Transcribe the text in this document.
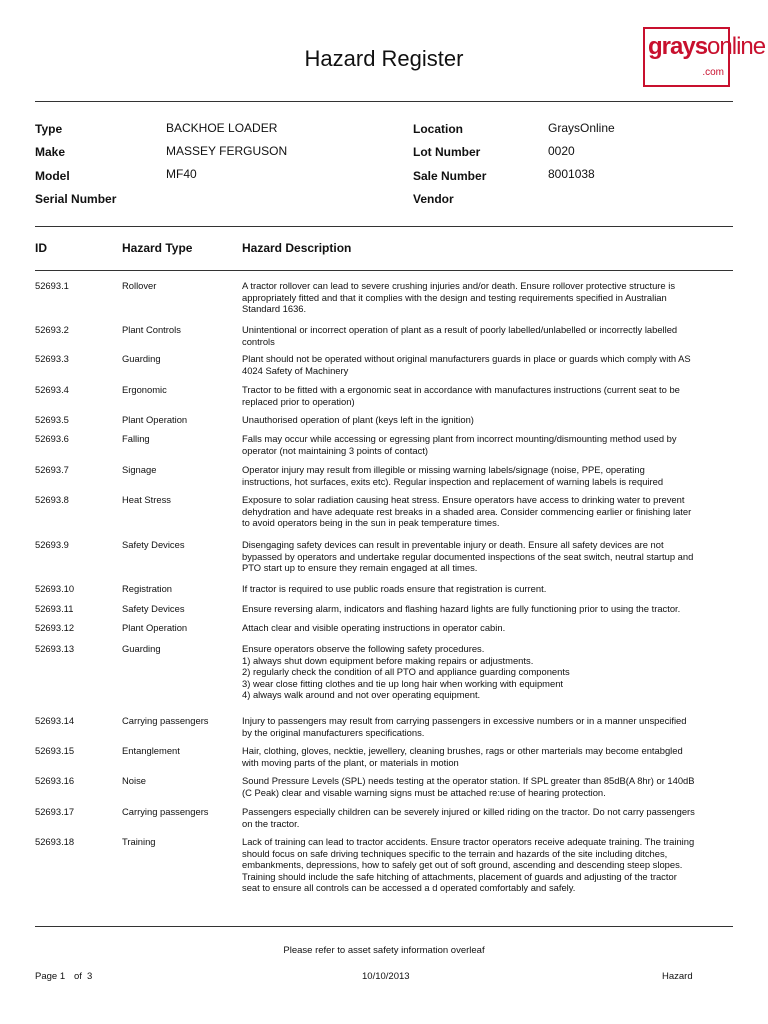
Hazard Register	graysonline
.com
Type	BACKHOE LOADER
Make	MASSEY FERGUSON
Model	MF40
Serial Number
Location	GraysOnline
Lot Number	0020
Sale Number	8001038
Vendor
ID	Hazard Type	Hazard Description
52693.1	Rollover	A tractor rollover can lead to severe crushing injuries and/or death. Ensure rollover protective structure is
appropriately fitted and that it complies with the design and testing requirements specified in Australian
Standard 1636.
52693.2	Plant Controls	Unintentional or incorrect operation of plant as a result of poorly labelled/unlabelled or incorrectly labelled
controls
52693.3	Guarding	Plant should not be operated without original manufacturers guards in place or guards which comply with AS
4024 Safety of Machinery
52693.4	Ergonomic	Tractor to be fitted with a ergonomic seat in accordance with manufactures instructions (current seat to be
replaced prior to operation)
52693.5	Plant Operation	Unauthorised operation of plant (keys left in the ignition)
52693.6	Falling	Falls may occur while accessing or egressing plant from incorrect mounting/dismounting method used by
operator (not maintaining 3 points of contact)
52693.7	Signage	Operator injury may result from illegible or missing warning labels/signage (noise, PPE, operating
instructions, hot surfaces, exits etc). Regular inspection and replacement of warning labels is required
52693.8	Heat Stress	Exposure to solar radiation causing heat stress. Ensure operators have access to drinking water to prevent
dehydration and have adequate rest breaks in a shaded area. Consider commencing earlier or finishing later
to avoid operators being in the sun in peak temperature times.
52693.9	Safety Devices	Disengaging safety devices can result in preventable injury or death. Ensure all safety devices are not
bypassed by operators and undertake regular documented inspections of the seat switch, neutral startup and
PTO start up to ensure they remain engaged at all times.
52693.10	Registration	If tractor is required to use public roads ensure that registration is current.
52693.11	Safety Devices	Ensure reversing alarm, indicators and flashing hazard lights are fully functioning prior to using the tractor.
52693.12	Plant Operation	Attach clear and visible operating instructions in operator cabin.
52693.13	Guarding	Ensure operators observe the following safety procedures.
1) always shut down equipment before making repairs or adjustments.
2) regularly check the condition of all PTO and appliance guarding components
3) wear close fitting clothes and tie up long hair when working with equipment
4) always walk around and not over operating equipment.
52693.14	Carrying passengers	Injury to passengers may result from carrying passengers in excessive numbers or in a manner unspecified
by the original manufacturers specifications.
52693.15	Entanglement	Hair, clothing, gloves, necktie, jewellery, cleaning brushes, rags or other marterials may become entabgled
with moving parts of the plant, or materials in motion
52693.16	Noise	Sound Pressure Levels (SPL) needs testing at the operator station. If SPL greater than 85dB(A 8hr) or 140dB
(C Peak) clear and visable warning signs must be attached re:use of hearing protection.
52693.17	Carrying passengers	Passengers especially children can be severely injured or killed riding on the tractor. Do not carry passengers
on the tractor.
52693.18	Training	Lack of training can lead to tractor accidents. Ensure tractor operators receive adequate training. The training
should focus on safe driving techniques specific to the terrain and hazards of the site including ditches,
embankments, depressions, how to safely get out of soft ground, ascending and descending steep slopes.
Training should include the safe hitching of attachments, placement of guards and adjusting of the tractor
seat to ensure all controls can be accessed a d operated comfortably and safely.
Please refer to asset safety information overleaf
Page 1 of 3	10/10/2013	Hazard
